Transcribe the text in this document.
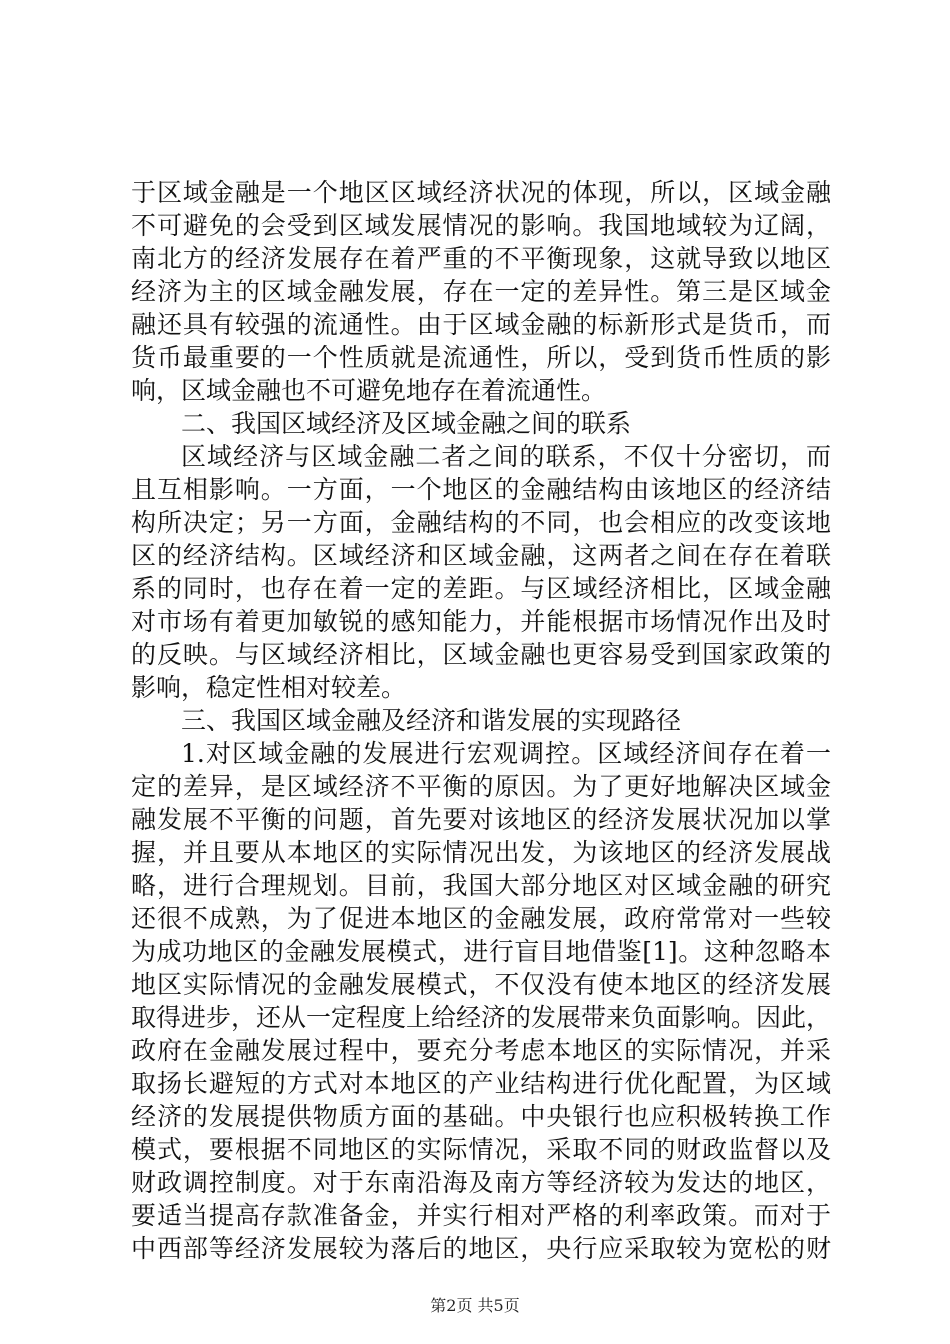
于区域金融是一个地区区域经济状况的体现，所以，区域金融
不可避免的会受到区域发展情况的影响。我国地域较为辽阔，
南北方的经济发展存在着严重的不平衡现象，这就导致以地区
经济为主的区域金融发展，存在一定的差异性。第三是区域金
融还具有较强的流通性。由于区域金融的标新形式是货币，而
货币最重要的一个性质就是流通性，所以，受到货币性质的影
响，区域金融也不可避免地存在着流通性。
二、我国区域经济及区域金融之间的联系
区域经济与区域金融二者之间的联系，不仅十分密切，而
且互相影响。一方面，一个地区的金融结构由该地区的经济结
构所决定；另一方面，金融结构的不同，也会相应的改变该地
区的经济结构。区域经济和区域金融，这两者之间在存在着联
系的同时，也存在着一定的差距。与区域经济相比，区域金融
对市场有着更加敏锐的感知能力，并能根据市场情况作出及时
的反映。与区域经济相比，区域金融也更容易受到国家政策的
影响，稳定性相对较差。
三、我国区域金融及经济和谐发展的实现路径
1.对区域金融的发展进行宏观调控。区域经济间存在着一
定的差异，是区域经济不平衡的原因。为了更好地解决区域金
融发展不平衡的问题，首先要对该地区的经济发展状况加以掌
握，并且要从本地区的实际情况出发，为该地区的经济发展战
略，进行合理规划。目前，我国大部分地区对区域金融的研究
还很不成熟，为了促进本地区的金融发展，政府常常对一些较
为成功地区的金融发展模式，进行盲目地借鉴[1]。这种忽略本
地区实际情况的金融发展模式，不仅没有使本地区的经济发展
取得进步，还从一定程度上给经济的发展带来负面影响。因此，
政府在金融发展过程中，要充分考虑本地区的实际情况，并采
取扬长避短的方式对本地区的产业结构进行优化配置，为区域
经济的发展提供物质方面的基础。中央银行也应积极转换工作
模式，要根据不同地区的实际情况，采取不同的财政监督以及
财政调控制度。对于东南沿海及南方等经济较为发达的地区，
要适当提高存款准备金，并实行相对严格的利率政策。而对于
中西部等经济发展较为落后的地区，央行应采取较为宽松的财
第2页 共5页
